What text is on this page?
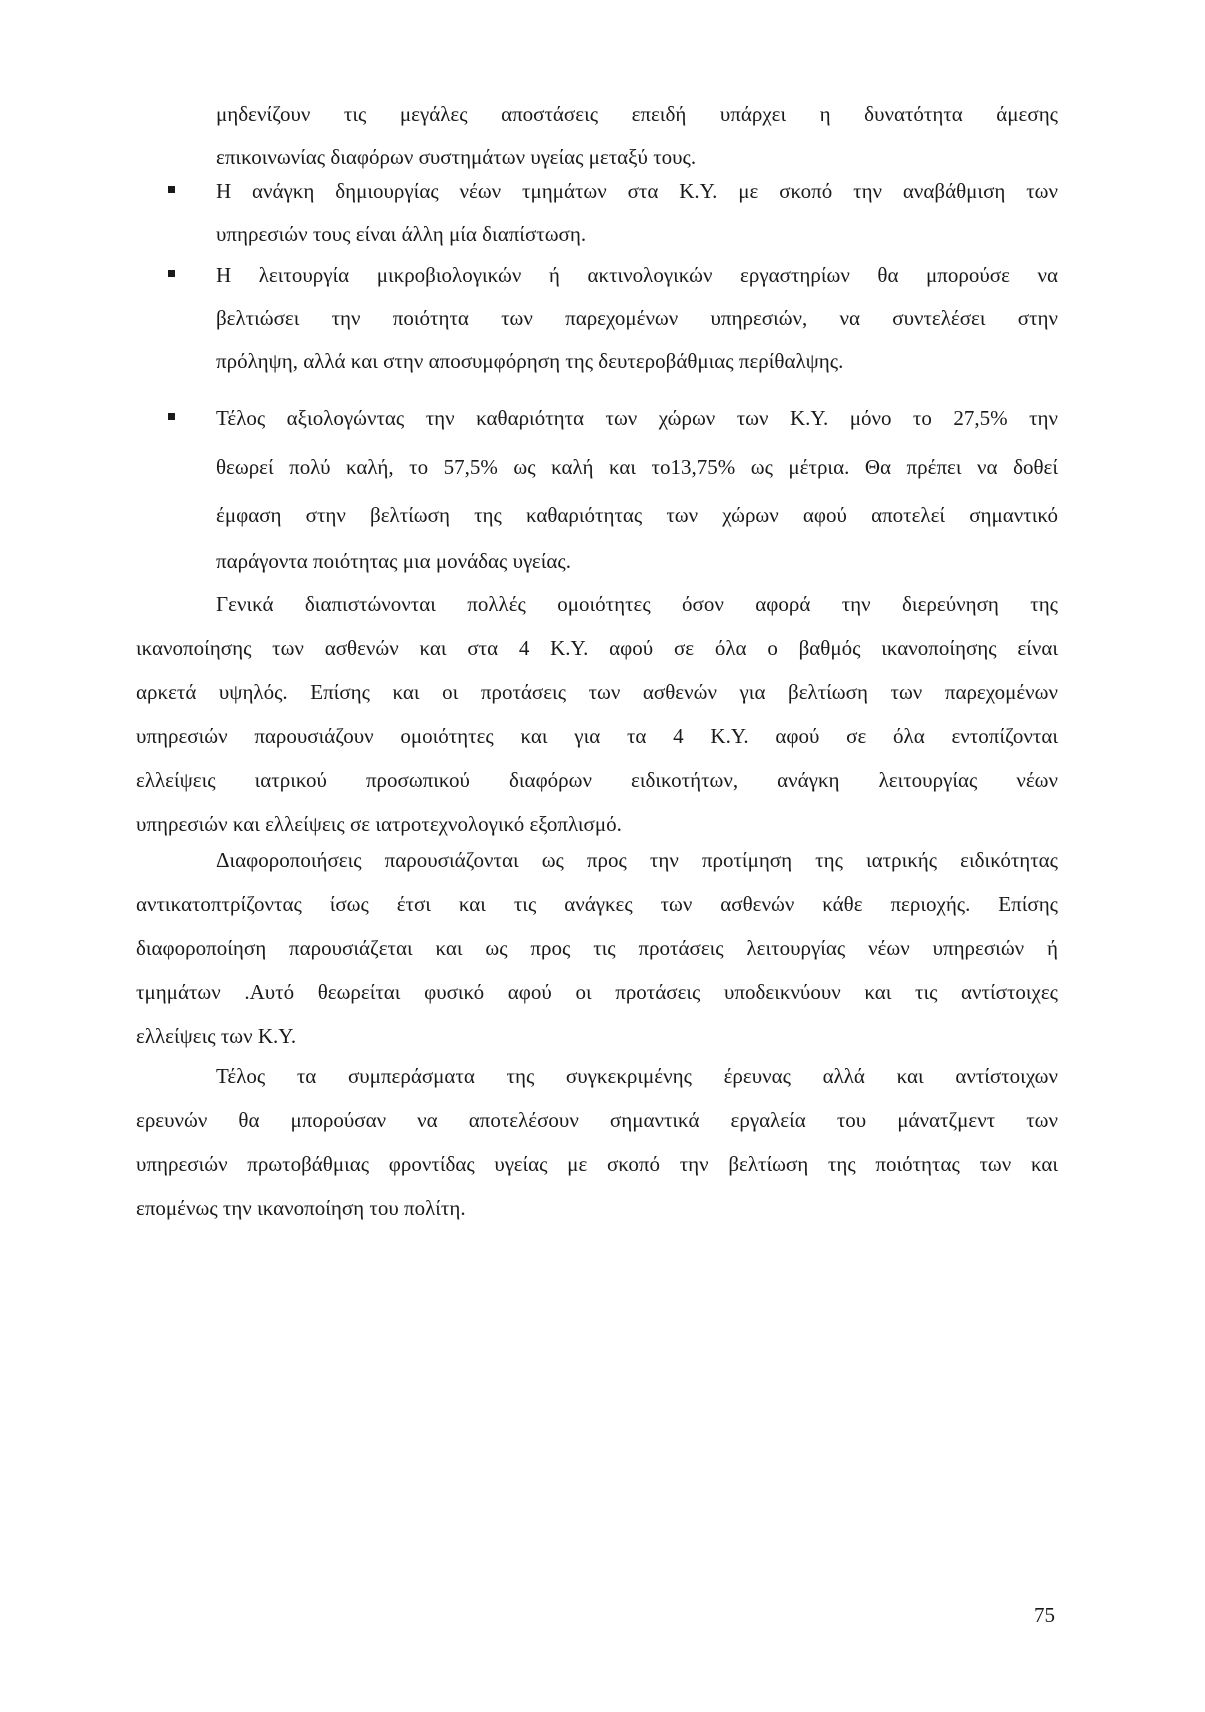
μηδενίζουν τις μεγάλες αποστάσεις επειδή υπάρχει η δυνατότητα άμεσης
επικοινωνίας διαφόρων συστημάτων υγείας μεταξύ τους.
Η ανάγκη δημιουργίας νέων τμημάτων στα Κ.Υ. με σκοπό την αναβάθμιση των
υπηρεσιών τους είναι άλλη μία διαπίστωση.
Η λειτουργία μικροβιολογικών ή ακτινολογικών εργαστηρίων θα μπορούσε να
βελτιώσει την ποιότητα των παρεχομένων υπηρεσιών, να συντελέσει στην
πρόληψη, αλλά και στην αποσυμφόρηση της δευτεροβάθμιας περίθαλψης.
Τέλος αξιολογώντας την καθαριότητα των χώρων των Κ.Υ. μόνο το 27,5% την
θεωρεί πολύ καλή, το 57,5% ως καλή και το13,75% ως μέτρια. Θα πρέπει να δοθεί
έμφαση στην βελτίωση της καθαριότητας των χώρων αφού αποτελεί σημαντικό
παράγοντα ποιότητας μια μονάδας υγείας.
Γενικά διαπιστώνονται πολλές ομοιότητες όσον αφορά την διερεύνηση της
ικανοποίησης των ασθενών και στα 4 Κ.Υ. αφού σε όλα ο βαθμός ικανοποίησης είναι
αρκετά υψηλός. Επίσης και οι προτάσεις των ασθενών για βελτίωση των παρεχομένων
υπηρεσιών παρουσιάζουν ομοιότητες και για τα 4 Κ.Υ. αφού σε όλα εντοπίζονται
ελλείψεις ιατρικού προσωπικού διαφόρων ειδικοτήτων, ανάγκη λειτουργίας νέων
υπηρεσιών και ελλείψεις σε ιατροτεχνολογικό εξοπλισμό.
Διαφοροποιήσεις παρουσιάζονται ως προς την προτίμηση της ιατρικής ειδικότητας
αντικατοπτρίζοντας ίσως έτσι και τις ανάγκες των ασθενών κάθε περιοχής. Επίσης
διαφοροποίηση παρουσιάζεται και ως προς τις προτάσεις λειτουργίας νέων υπηρεσιών ή
τμημάτων .Αυτό θεωρείται φυσικό αφού οι προτάσεις υποδεικνύουν και τις αντίστοιχες
ελλείψεις των Κ.Υ.
Τέλος τα συμπεράσματα της συγκεκριμένης έρευνας αλλά και αντίστοιχων
ερευνών θα μπορούσαν να αποτελέσουν σημαντικά εργαλεία του μάνατζμεντ των
υπηρεσιών πρωτοβάθμιας φροντίδας υγείας με σκοπό την βελτίωση της ποιότητας των και
επομένως την ικανοποίηση του πολίτη.
75
